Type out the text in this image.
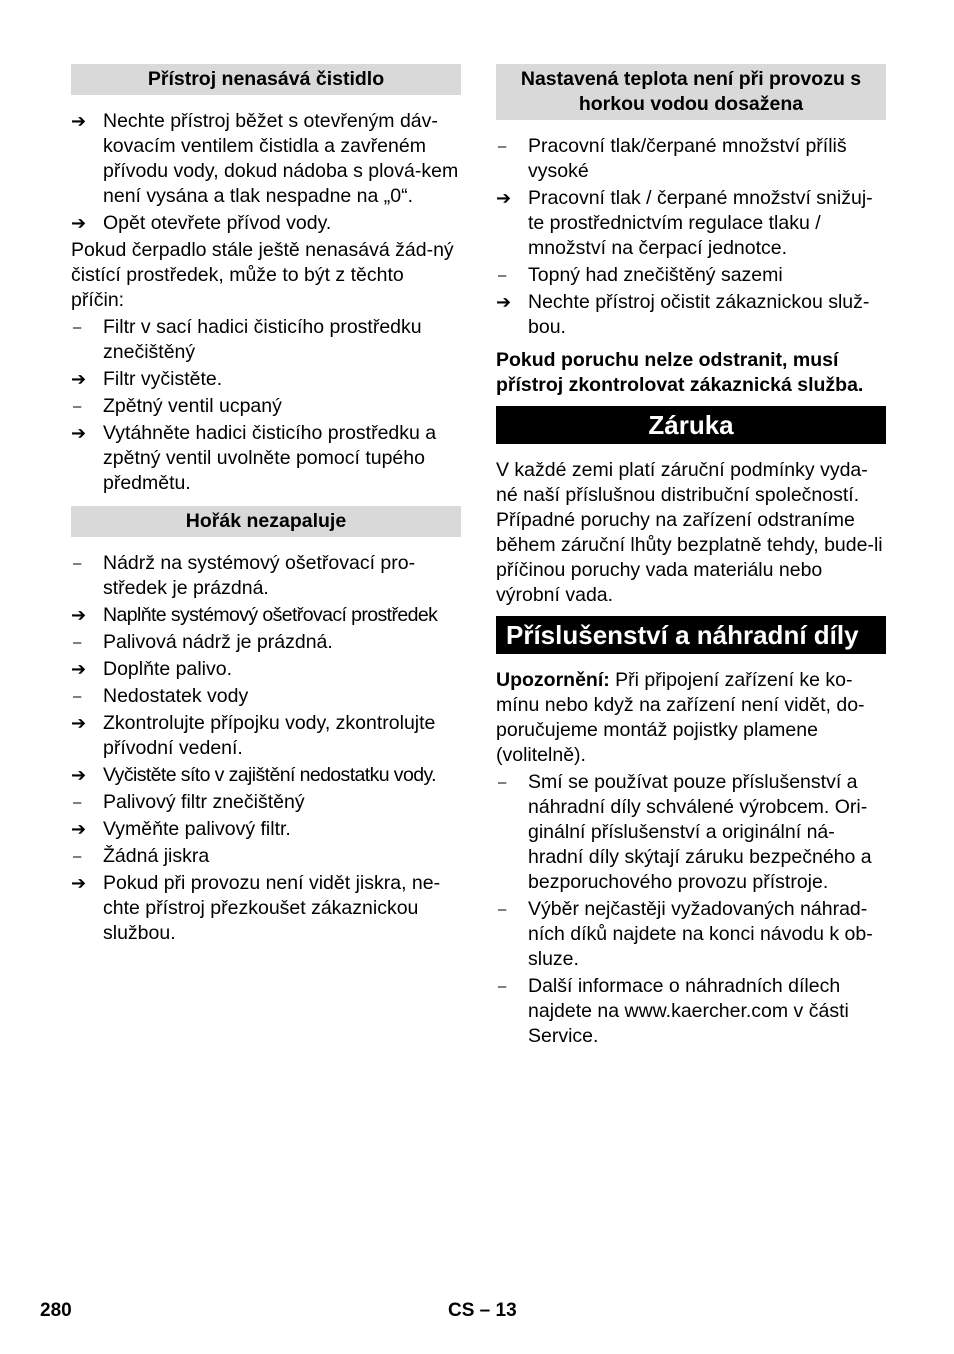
Přístroj nenasává čistidlo
➔ Nechte přístroj běžet s otevřeným dáv-kovacím ventilem čistidla a zavřeném přívodu vody, dokud nádoba s plová-kem není vysána a tlak nespadne na „0“.
➔ Opět otevřete přívod vody.

Pokud čerpadlo stále ještě nenasává žád-ný čistící prostředek, může to být z těchto příčin:

–	Filtr v sací hadici čisticího prostředku znečištěný
➔ Filtr vyčistěte.
–	Zpětný ventil ucpaný
➔ Vytáhněte hadici čisticího prostředku a zpětný ventil uvolněte pomocí tupého předmětu.
Hořák nezapaluje
–	Nádrž na systémový ošetřovací pro-středek je prázdná.
➔ Naplňte systémový ošetřovací prostředek
–	Palivová nádrž je prázdná.
➔ Doplňte palivo.
–	Nedostatek vody
➔ Zkontrolujte přípojku vody, zkontrolujte přívodní vedení.
➔ Vyčistěte síto v zajištění nedostatku vody.
–	Palivový filtr znečištěný
➔ Vyměňte palivový filtr.
–	Žádná jiskra
➔ Pokud při provozu není vidět jiskra, ne-chte přístroj přezkoušet zákaznickou službou.
Nastavená teplota není při provozu s horkou vodou dosažena
–	Pracovní tlak/čerpané množství příliš vysoké
➔ Pracovní tlak / čerpané množství snižuj-te prostřednictvím regulace tlaku / množství na čerpací jednotce.
–	Topný had znečištěný sazemi
➔ Nechte přístroj očistit zákaznickou služ-bou.

Pokud poruchu nelze odstranit, musí přístroj zkontrolovat zákaznická služba.

Záruka

V každé zemi platí záruční podmínky vyda-né naší příslušnou distribuční společností. Případné poruchy na zařízení odstraníme během záruční lhůty bezplatně tehdy, bude-li příčinou poruchy vada materiálu nebo výrobní vada.

Příslušenství a náhradní díly

Upozornění: Při připojení zařízení ke ko-mínu nebo když na zařízení není vidět, do-poručujeme montáž pojistky plamene (volitelně).

–	Smí se používat pouze příslušenství a náhradní díly schválené výrobcem. Ori-ginální příslušenství a originální ná-hradní díly skýtají záruku bezpečného a bezporuchového provozu přístroje.
–	Výběr nejčastěji vyžadovaných náhrad-ních díků najdete na konci návodu k ob-sluze.
–	Další informace o náhradních dílech najdete na www.kaercher.com v části Service.
280	CS – 13
